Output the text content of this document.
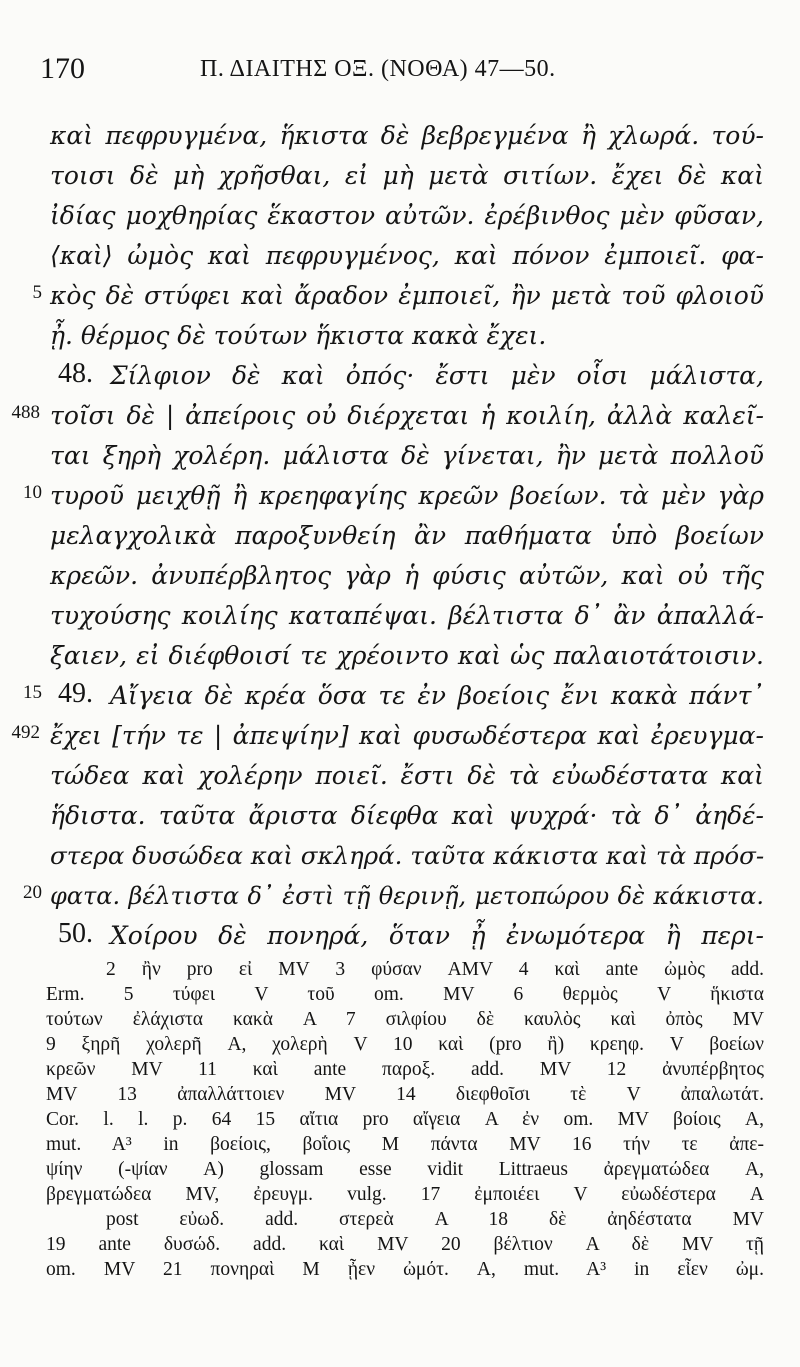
170	Π. ΔΙΑΙΤΗΣ ΟΞ. (ΝΟΘΑ) 47—50.
καὶ πεφρυγμένα, ἥκιστα δὲ βεβρεγμένα ἢ χλωρά. τού-
τοισι δὲ μὴ χρῆσθαι, εἰ μὴ μετὰ σιτίων. ἔχει δὲ καὶ
ἰδίας μοχθηρίας ἕκαστον αὐτῶν. ἐρέβινθος μὲν φῦσαν,
⟨καὶ⟩ ὠμὸς καὶ πεφρυγμένος, καὶ πόνον ἐμποιεῖ. φα-
5 κὸς δὲ στύφει καὶ ἄραδον ἐμποιεῖ, ἢν μετὰ τοῦ φλοιοῦ
ᾖ. θέρμος δὲ τούτων ἥκιστα κακὰ ἔχει.
48. Σίλφιον δὲ καὶ ὀπός· ἔστι μὲν οἷσι μάλιστα,
488 τοῖσι δὲ | ἀπείροις οὐ διέρχεται ἡ κοιλίη, ἀλλὰ καλεῖ-
ται ξηρὴ χολέρη. μάλιστα δὲ γίνεται, ἢν μετὰ πολλοῦ
10 τυροῦ μειχθῇ ἢ κρεηφαγίης κρεῶν βοείων. τὰ μὲν γὰρ
μελαγχολικὰ παροξυνθείη ἂν παθήματα ὑπὸ βοείων
κρεῶν. ἀνυπέρβλητος γὰρ ἡ φύσις αὐτῶν, καὶ οὐ τῆς
τυχούσης κοιλίης καταπέψαι. βέλτιστα δ᾽ ἂν ἀπαλλά-
ξαιεν, εἰ διέφθοισί τε χρέοιντο καὶ ὡς παλαιοτάτοισιν.
15 49. Αἴγεια δὲ κρέα ὅσα τε ἐν βοείοις ἔνι κακὰ πάντ᾽
492 ἔχει [τήν τε | ἀπεψίην] καὶ φυσωδέστερα καὶ ἐρευγμα-
τώδεα καὶ χολέρην ποιεῖ. ἔστι δὲ τὰ εὐωδέστατα καὶ
ἥδιστα. ταῦτα ἄριστα δίεφθα καὶ ψυχρά· τὰ δ᾽ ἀηδέ-
στερα δυσώδεα καὶ σκληρά. ταῦτα κάκιστα καὶ τὰ πρόσ-
20 φατα. βέλτιστα δ᾽ ἐστὶ τῇ θερινῇ, μετοπώρου δὲ κάκιστα.
50. Χοίρου δὲ πονηρά, ὅταν ᾖ ἐνωμότερα ἢ περι-
2 ἢν pro εἰ MV 3 φύσαν AMV 4 καὶ ante ὠμὸς add.
Erm. 5 τύφει V τοῦ om. MV 6 θερμὸς V ἥκιστα
τούτων ἐλάχιστα κακὰ A 7 σιλφίου δὲ καυλὸς καὶ ὀπὸς MV
9 ξηρῆ χολερῆ A, χολερὴ V 10 καὶ (pro ἢ) κρεηφ. V βοείων
κρεῶν MV 11 καὶ ante παροξ. add. MV 12 ἀνυπέρβητος
MV 13 ἀπαλλάττοιεν MV 14 διεφθοῖσι τὲ V ἀπαλωτάτ.
Cor. l. l. p. 64 15 αἴτια pro αἴγεια A ἐν om. MV βοίοις A,
mut. A³ in βοείοις, βοΐοις M πάντα MV 16 τήν τε ἀπε-
ψίην (-ψίαν A) glossam esse vidit Littraeus ἀρεγματώδεα A,
βρεγματώδεα MV, ἐρευγμ. vulg. 17 ἐμποιέει V εὐωδέστερα A
post εὐωδ. add. στερεὰ A 18 δὲ ἀηδέστατα MV
19 ante δυσώδ. add. καὶ MV 20 βέλτιον A δὲ MV τῇ
om. MV 21 πονηραὶ M ᾖεν ὠμότ. A, mut. A³ in εἶεν ὠμ.
